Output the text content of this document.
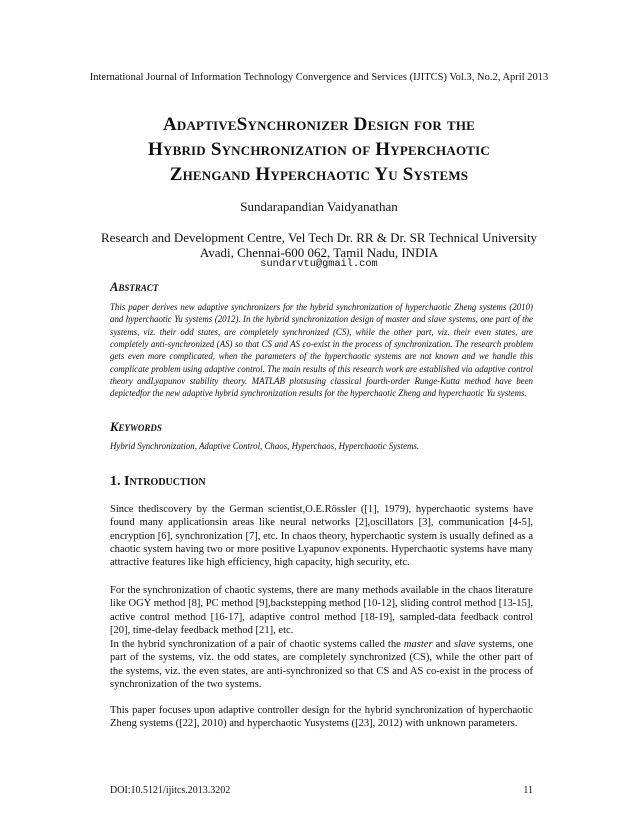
International Journal of Information Technology Convergence and Services (IJITCS) Vol.3, No.2, April 2013
AdaptiveSynchronizer Design for the
Hybrid Synchronization of Hyperchaotic
Zhengand Hyperchaotic Yu Systems
Sundarapandian Vaidyanathan
Research and Development Centre, Vel Tech Dr. RR & Dr. SR Technical University
Avadi, Chennai-600 062, Tamil Nadu, INDIA
sundarvtu@gmail.com
Abstract
This paper derives new adaptive synchronizers for the hybrid synchronization of hyperchaotic Zheng systems (2010) and hyperchaotic Yu systems (2012). In the hybrid synchronization design of master and slave systems, one part of the systems, viz. their odd states, are completely synchronized (CS), while the other part, viz. their even states, are completely anti-synchronized (AS) so that CS and AS co-exist in the process of synchronization. The research problem gets even more complicated, when the parameters of the hyperchaotic systems are not known and we handle this complicate problem using adaptive control. The main results of this research work are established via adaptive control theory andLyapunov stability theory. MATLAB plotsusing classical fourth-order Runge-Kutta method have been depictedfor the new adaptive hybrid synchronization results for the hyperchaotic Zheng and hyperchaotic Yu systems.
Keywords
Hybrid Synchronization, Adaptive Control, Chaos, Hyperchaos, Hyperchaotic Systems.
1. Introduction
Since thediscovery by the German scientist,O.E.Rössler ([1], 1979), hyperchaotic systems have found many applicationsin areas like neural networks [2],oscillators [3], communication [4-5], encryption [6], synchronization [7], etc. In chaos theory, hyperchaotic system is usually defined as a chaotic system having two or more positive Lyapunov exponents. Hyperchaotic systems have many attractive features like high efficiency, high capacity, high security, etc.
For the synchronization of chaotic systems, there are many methods available in the chaos literature like OGY method [8], PC method [9],backstepping method [10-12], sliding control method [13-15], active control method [16-17], adaptive control method [18-19], sampled-data feedback control [20], time-delay feedback method [21], etc.
In the hybrid synchronization of a pair of chaotic systems called the master and slave systems, one part of the systems, viz. the odd states, are completely synchronized (CS), while the other part of the systems, viz. the even states, are anti-synchronized so that CS and AS co-exist in the process of synchronization of the two systems.
This paper focuses upon adaptive controller design for the hybrid synchronization of hyperchaotic Zheng systems ([22], 2010) and hyperchaotic Yusystems ([23], 2012) with unknown parameters.
DOI:10.5121/ijitcs.2013.3202	11
